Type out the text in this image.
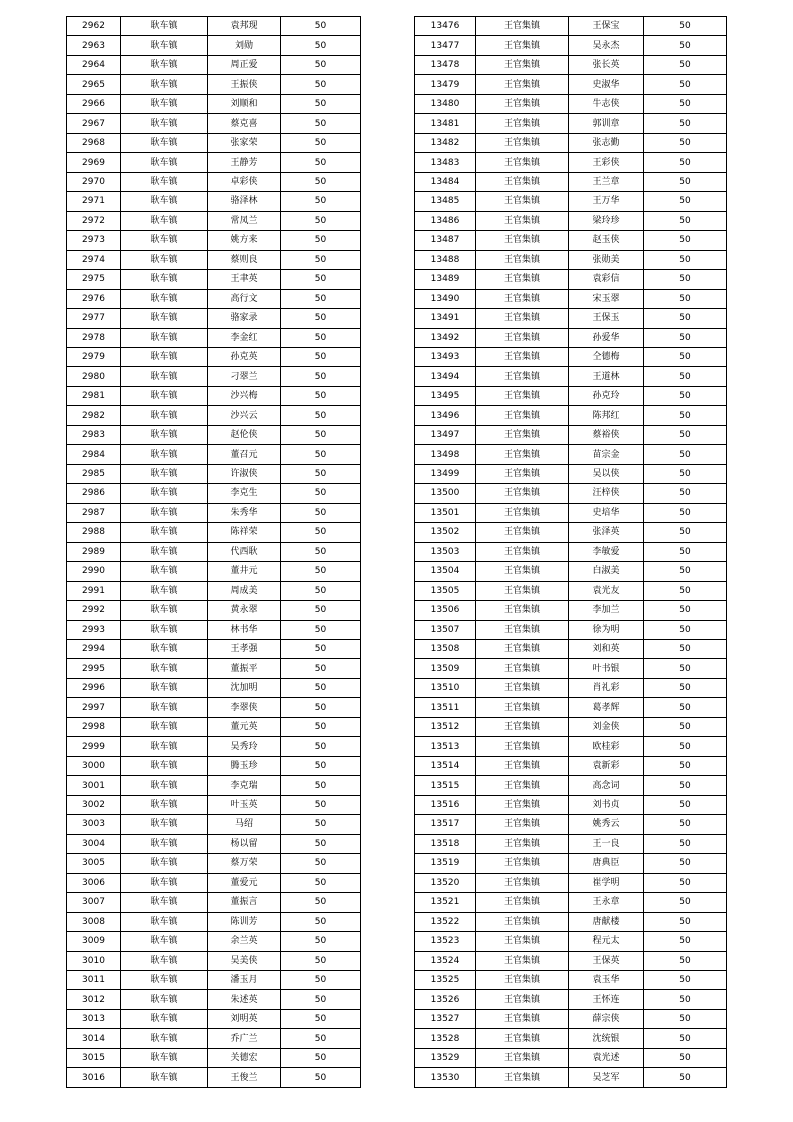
2962	耿车镇	袁邦现	50
2963	耿车镇	刘勋	50
2964	耿车镇	周正爱	50
2965	耿车镇	王振侠	50
2966	耿车镇	刘顺和	50
2967	耿车镇	蔡克喜	50
2968	耿车镇	张家荣	50
2969	耿车镇	王静芳	50
2970	耿车镇	卓彩侠	50
2971	耿车镇	骆泽林	50
2972	耿车镇	常凤兰	50
2973	耿车镇	姚方来	50
2974	耿车镇	蔡则良	50
2975	耿车镇	王聿英	50
2976	耿车镇	高行文	50
2977	耿车镇	骆家录	50
2978	耿车镇	李金红	50
2979	耿车镇	孙克英	50
2980	耿车镇	刁翠兰	50
2981	耿车镇	沙兴梅	50
2982	耿车镇	沙兴云	50
2983	耿车镇	赵伦侠	50
2984	耿车镇	董召元	50
2985	耿车镇	许淑侠	50
2986	耿车镇	李克生	50
2987	耿车镇	朱秀华	50
2988	耿车镇	陈祥荣	50
2989	耿车镇	代西耿	50
2990	耿车镇	董井元	50
2991	耿车镇	周成美	50
2992	耿车镇	黄永翠	50
2993	耿车镇	林书华	50
2994	耿车镇	王孝强	50
2995	耿车镇	董振平	50
2996	耿车镇	沈加明	50
2997	耿车镇	李翠侠	50
2998	耿车镇	董元英	50
2999	耿车镇	吴秀玲	50
3000	耿车镇	腾玉珍	50
3001	耿车镇	李克瑞	50
3002	耿车镇	叶玉英	50
3003	耿车镇	马绍	50
3004	耿车镇	杨以留	50
3005	耿车镇	蔡万荣	50
3006	耿车镇	董爱元	50
3007	耿车镇	董振言	50
3008	耿车镇	陈训芳	50
3009	耿车镇	余兰英	50
3010	耿车镇	吴美侠	50
3011	耿车镇	潘玉月	50
3012	耿车镇	朱述英	50
3013	耿车镇	刘明英	50
3014	耿车镇	乔广兰	50
3015	耿车镇	关德宏	50
3016	耿车镇	王俊兰	50
13476	王官集镇	王保宝	50
13477	王官集镇	吴永杰	50
13478	王官集镇	张长英	50
13479	王官集镇	史淑华	50
13480	王官集镇	牛志侠	50
13481	王官集镇	郭训章	50
13482	王官集镇	张志勤	50
13483	王官集镇	王彩侠	50
13484	王官集镇	王兰章	50
13485	王官集镇	王万华	50
13486	王官集镇	梁玲珍	50
13487	王官集镇	赵玉侠	50
13488	王官集镇	张勋美	50
13489	王官集镇	袁彩信	50
13490	王官集镇	宋玉翠	50
13491	王官集镇	王保玉	50
13492	王官集镇	孙爱华	50
13493	王官集镇	仝德梅	50
13494	王官集镇	王道林	50
13495	王官集镇	孙克玲	50
13496	王官集镇	陈邦红	50
13497	王官集镇	蔡裕侠	50
13498	王官集镇	苗宗金	50
13499	王官集镇	吴以侠	50
13500	王官集镇	汪梓侠	50
13501	王官集镇	史培华	50
13502	王官集镇	张泽英	50
13503	王官集镇	李敏爱	50
13504	王官集镇	白淑美	50
13505	王官集镇	袁光友	50
13506	王官集镇	李加兰	50
13507	王官集镇	徐为明	50
13508	王官集镇	刘和英	50
13509	王官集镇	叶书银	50
13510	王官集镇	肖礼彩	50
13511	王官集镇	葛孝辉	50
13512	王官集镇	刘金侠	50
13513	王官集镇	欧桂彩	50
13514	王官集镇	袁新彩	50
13515	王官集镇	高念词	50
13516	王官集镇	刘书贞	50
13517	王官集镇	姚秀云	50
13518	王官集镇	王一良	50
13519	王官集镇	唐典臣	50
13520	王官集镇	崔学明	50
13521	王官集镇	王永章	50
13522	王官集镇	唐献楼	50
13523	王官集镇	程元太	50
13524	王官集镇	王保英	50
13525	王官集镇	袁玉华	50
13526	王官集镇	王怀连	50
13527	王官集镇	薛宗侠	50
13528	王官集镇	沈统银	50
13529	王官集镇	袁光述	50
13530	王官集镇	吴芝军	50
